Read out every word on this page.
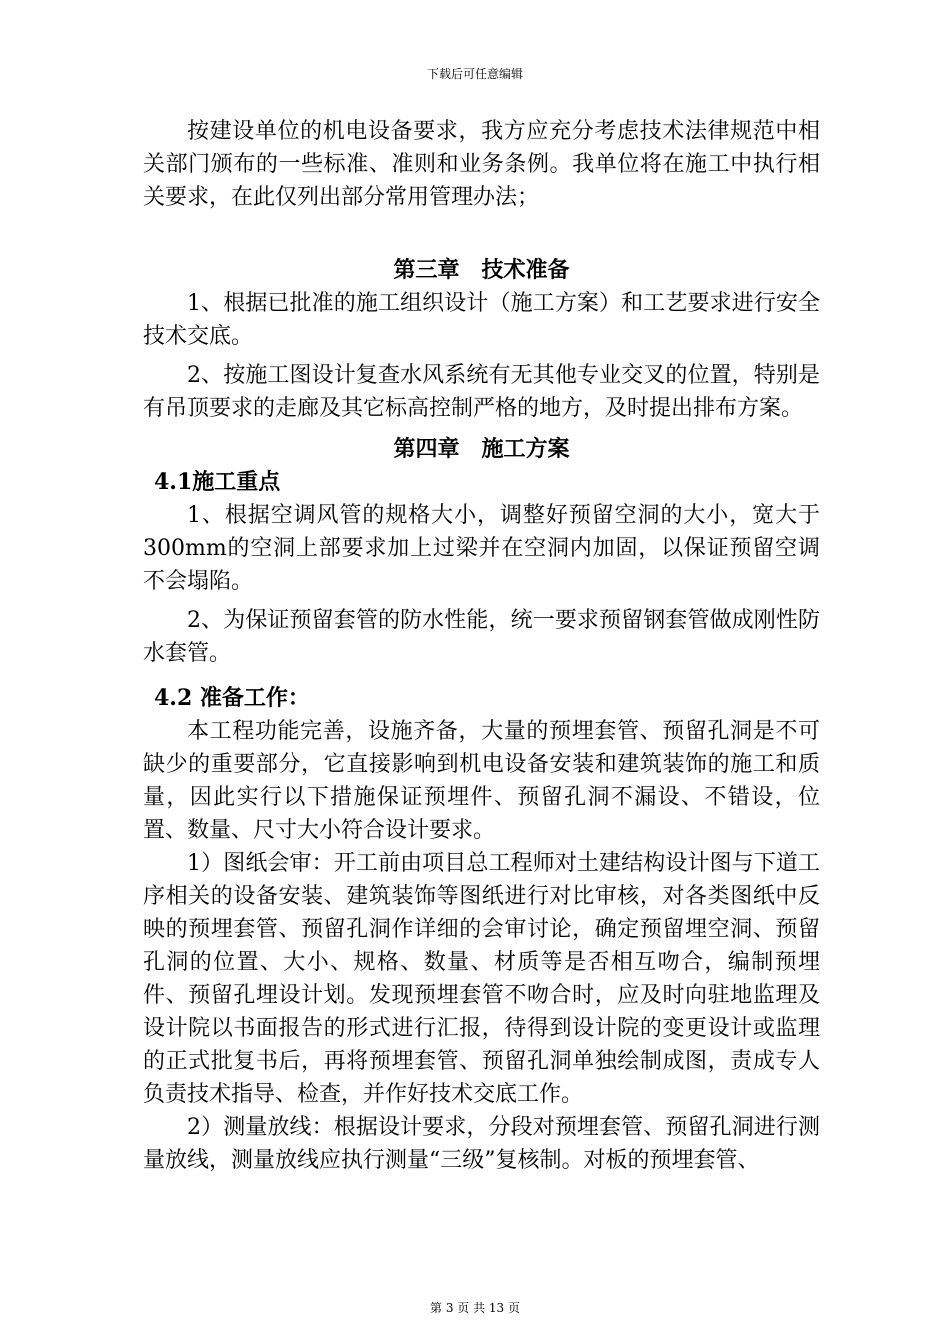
下载后可任意编辑

按建设单位的机电设备要求，我方应充分考虑技术法律规范中相关部门颁布的一些标准、准则和业务条例。我单位将在施工中执行相关要求，在此仅列出部分常用管理办法；

第三章　技术准备

1、根据已批准的施工组织设计（施工方案）和工艺要求进行安全技术交底。

2、按施工图设计复查水风系统有无其他专业交叉的位置，特别是有吊顶要求的走廊及其它标高控制严格的地方，及时提出排布方案。

第四章　施工方案

4.1施工重点

1、根据空调风管的规格大小，调整好预留空洞的大小，宽大于300mm的空洞上部要求加上过梁并在空洞内加固，以保证预留空调不会塌陷。

2、为保证预留套管的防水性能，统一要求预留钢套管做成刚性防水套管。

4.2 准备工作：

本工程功能完善，设施齐备，大量的预埋套管、预留孔洞是不可缺少的重要部分，它直接影响到机电设备安装和建筑装饰的施工和质量，因此实行以下措施保证预埋件、预留孔洞不漏设、不错设，位置、数量、尺寸大小符合设计要求。

1）图纸会审：开工前由项目总工程师对土建结构设计图与下道工序相关的设备安装、建筑装饰等图纸进行对比审核，对各类图纸中反映的预埋套管、预留孔洞作详细的会审讨论，确定预留埋空洞、预留孔洞的位置、大小、规格、数量、材质等是否相互吻合，编制预埋件、预留孔埋设计划。发现预埋套管不吻合时，应及时向驻地监理及设计院以书面报告的形式进行汇报，待得到设计院的变更设计或监理的正式批复书后，再将预埋套管、预留孔洞单独绘制成图，责成专人负责技术指导、检查，并作好技术交底工作。

2）测量放线：根据设计要求，分段对预埋套管、预留孔洞进行测量放线，测量放线应执行测量“三级”复核制。对板的预埋套管、

第 3 页 共 13 页
